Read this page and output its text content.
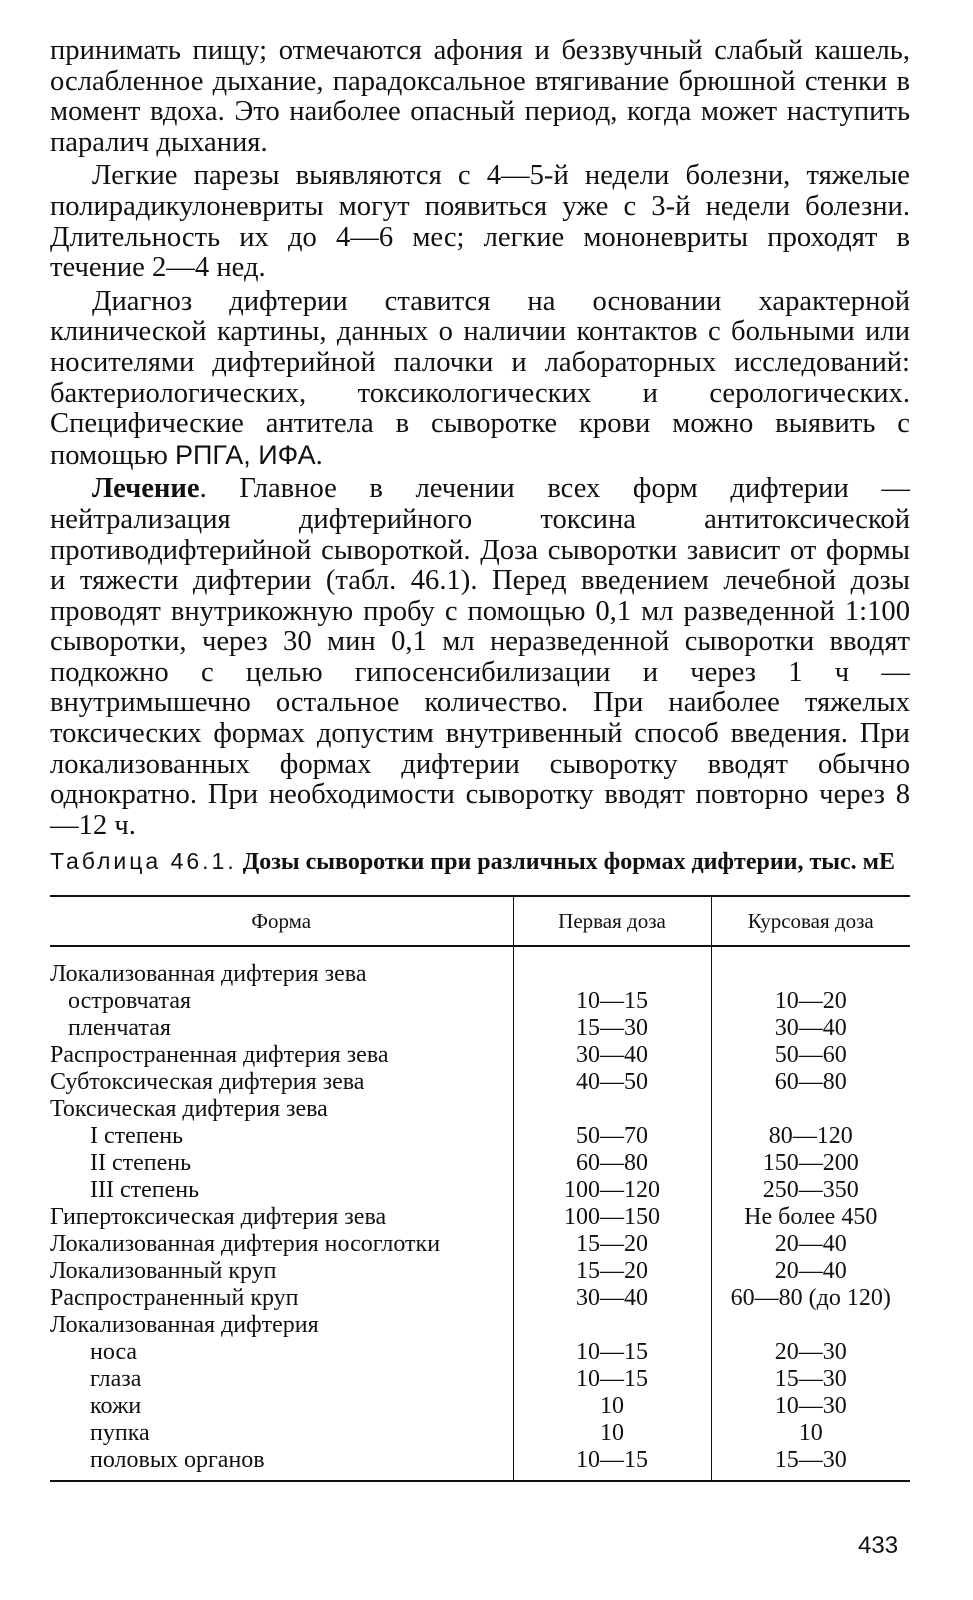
принимать пищу; отмечаются афония и беззвучный слабый кашель, ослабленное дыхание, парадоксальное втягивание брюшной стенки в момент вдоха. Это наиболее опасный период, когда может наступить паралич дыхания.

Легкие парезы выявляются с 4—5-й недели болезни, тяжелые полирадикулоневриты могут появиться уже с 3-й недели болезни. Длительность их до 4—6 мес; легкие мононевриты проходят в течение 2—4 нед.

Диагноз дифтерии ставится на основании характерной клинической картины, данных о наличии контактов с больными или носителями дифтерийной палочки и лабораторных исследований: бактериологических, токсикологических и серологических. Специфические антитела в сыворотке крови можно выявить с помощью РПГА, ИФА.

Лечение. Главное в лечении всех форм дифтерии — нейтрализация дифтерийного токсина антитоксической противодифтерийной сывороткой. Доза сыворотки зависит от формы и тяжести дифтерии (табл. 46.1). Перед введением лечебной дозы проводят внутрикожную пробу с помощью 0,1 мл разведенной 1:100 сыворотки, через 30 мин 0,1 мл неразведенной сыворотки вводят подкожно с целью гипосенсибилизации и через 1 ч — внутримышечно остальное количество. При наиболее тяжелых токсических формах допустим внутривенный способ введения. При локализованных формах дифтерии сыворотку вводят обычно однократно. При необходимости сыворотку вводят повторно через 8—12 ч.

Таблица 46.1. Дозы сыворотки при различных формах дифтерии, тыс. мЕ
Форма	Первая доза	Курсовая доза

Локализованная дифтерия зева		
островчатая	10—15	10—20
пленчатая	15—30	30—40
Распространенная дифтерия зева	30—40	50—60
Субтоксическая дифтерия зева	40—50	60—80
Токсическая дифтерия зева		
I степень	50—70	80—120
II степень	60—80	150—200
III степень	100—120	250—350
Гипертоксическая дифтерия зева	100—150	Не более 450
Локализованная дифтерия носоглотки	15—20	20—40
Локализованный круп	15—20	20—40
Распространенный круп	30—40	60—80 (до 120)
Локализованная дифтерия		
носа	10—15	20—30
глаза	10—15	15—30
кожи	10	10—30
пупка	10	10
половых органов	10—15	15—30
433
